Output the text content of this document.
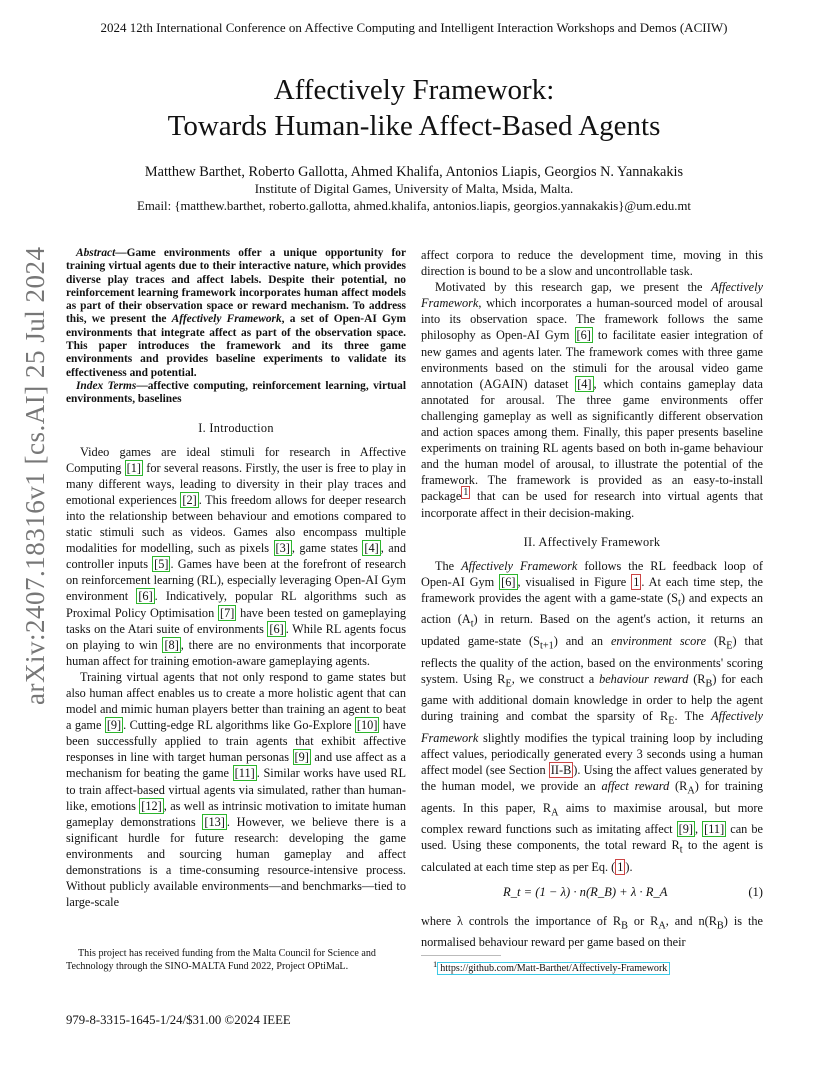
2024 12th International Conference on Affective Computing and Intelligent Interaction Workshops and Demos (ACIIW)
Affectively Framework:
Towards Human-like Affect-Based Agents
Matthew Barthet, Roberto Gallotta, Ahmed Khalifa, Antonios Liapis, Georgios N. Yannakakis
Institute of Digital Games, University of Malta, Msida, Malta.
Email: {matthew.barthet, roberto.gallotta, ahmed.khalifa, antonios.liapis, georgios.yannakakis}@um.edu.mt
arXiv:2407.18316v1 [cs.AI] 25 Jul 2024	Abstract—Game environments offer a unique opportunity for training virtual agents due to their interactive nature, which provides diverse play traces and affect labels. Despite their potential, no reinforcement learning framework incorporates human affect models as part of their observation space or reward mechanism. To address this, we present the Affectively Framework, a set of Open-AI Gym environments that integrate affect as part of the observation space. This paper introduces the framework and its three game environments and provides baseline experiments to validate its effectiveness and potential.

Index Terms—affective computing, reinforcement learning, virtual environments, baselines

I. Introduction

Video games are ideal stimuli for research in Affective Computing [1] for several reasons. Firstly, the user is free to play in many different ways, leading to diversity in their play traces and emotional experiences [2] . This freedom allows for deeper research into the relationship between behaviour and emotions compared to static stimuli such as videos. Games also encompass multiple modalities for modelling, such as pixels [3] , game states [4] , and controller inputs [5] . Games have been at the forefront of research on reinforcement learning (RL), especially leveraging Open-AI Gym environment [6] . Indicatively, popular RL algorithms such as Proximal Policy Optimisation [7] have been tested on gameplaying tasks on the Atari suite of environments [6] . While RL agents focus on playing to win [8] , there are no environments that incorporate human affect for training emotion-aware gameplaying agents.

Training virtual agents that not only respond to game states but also human affect enables us to create a more holistic agent that can model and mimic human players better than training an agent to beat a game [9] . Cutting-edge RL algorithms like Go-Explore [10] have been successfully applied to train agents that exhibit affective responses in line with target human personas [9] and use affect as a mechanism for beating the game [11] . Similar works have used RL to train affect-based virtual agents via simulated, rather than human-like, emotions [12] , as well as intrinsic motivation to imitate human gameplay demonstrations [13] . However, we believe there is a significant hurdle for future research: developing the game environments and sourcing human gameplay and affect demonstrations is a time-consuming resource-intensive process. Without publicly available environments—and benchmarks—tied to large-scale

affect corpora to reduce the development time, moving in this direction is bound to be a slow and uncontrollable task.

Motivated by this research gap, we present the Affectively Framework, which incorporates a human-sourced model of arousal into its observation space. The framework follows the same philosophy as Open-AI Gym [6] to facilitate easier integration of new games and agents later. The framework comes with three game environments based on the stimuli for the arousal video game annotation (AGAIN) dataset [4] , which contains gameplay data annotated for arousal. The three game environments offer challenging gameplay as well as significantly different observation and action spaces among them. Finally, this paper presents baseline experiments on training RL agents based on both in-game behaviour and the human model of arousal, to illustrate the potential of the framework. The framework is provided as an easy-to-install package $^1$ that can be used for research into virtual agents that incorporate affect in their decision-making.

II. Affectively Framework

The Affectively Framework follows the RL feedback loop of Open-AI Gym [6] , visualised in Figure 1 . At each time step, the framework provides the agent with a game-state $(S_t)$ and expects an action $(A_t)$ in return. Based on the agent's action, it returns an updated game-state $(S_{t+1})$ and an environment score $(R_E)$ that reflects the quality of the action, based on the environments' scoring system. Using $R_E$, we construct a behaviour reward $(R_B)$ for each game with additional domain knowledge in order to help the agent during training and combat the sparsity of $R_E$. The Affectively Framework slightly modifies the typical training loop by including affect values, periodically generated every 3 seconds using a human affect model (see Section II-B ). Using the affect values generated by the human model, we provide an affect reward $(R_A)$ for training agents. In this paper, $R_A$ aims to maximise arousal, but more complex reward functions such as imitating affect [9] , [11] can be used. Using these components, the total reward $R_t$ to the agent is calculated at each time step as per Eq. ( 1 ).

R_t = (1 − λ) · n(R_B) + λ · R_A	(1)

where λ controls the importance of $R_B$ or $R_A$, and $n(R_B)$ is the normalised behaviour reward per game based on their

This project has received funding from the Malta Council for Science and Technology through the SINO-MALTA Fund 2022, Project OPtiMaL.	$^1$ https://github.com/Matt-Barthet/Affectively-Framework
979-8-3315-1645-1/24/$31.00 ©2024 IEEE
